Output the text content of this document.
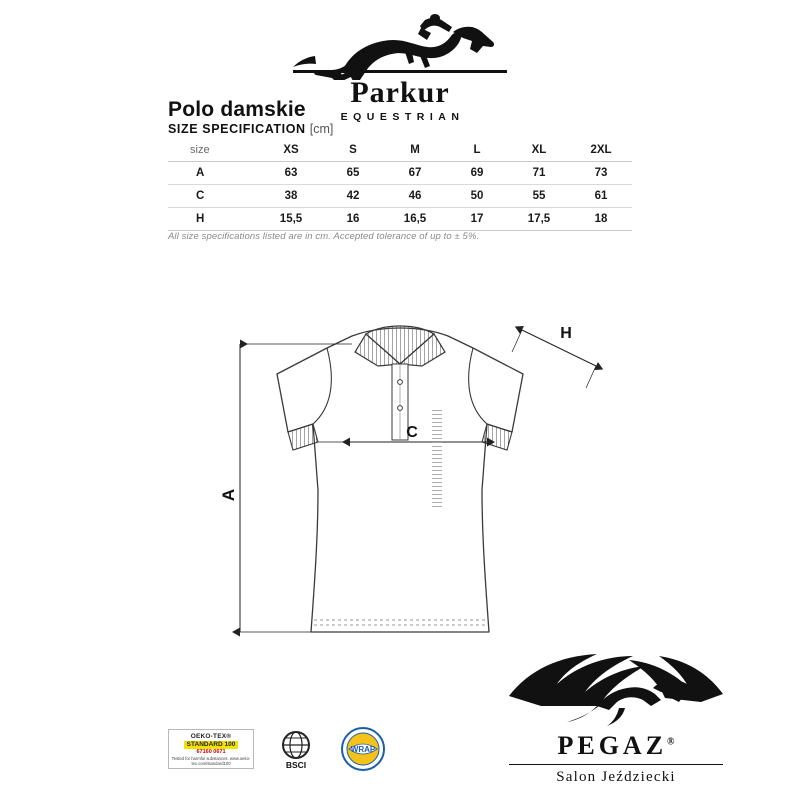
Parkur
EQUESTRIAN
Polo damskie
SIZE SPECIFICATION [cm]
size	XS	S	M	L	XL	2XL
A	63	65	67	69	71	73
C	38	42	46	50	55	61
H	15,5	16	16,5	17	17,5	18
All size specifications listed are in cm. Accepted tolerance of up to ± 5%.
A
C
H
OEKO-TEX®
STANDARD 100
67160 0671
Tested for harmful substances. www.oeko-tex.com/standard100	BSCI
WRAP	PEGAZ®
Salon Jeździecki
